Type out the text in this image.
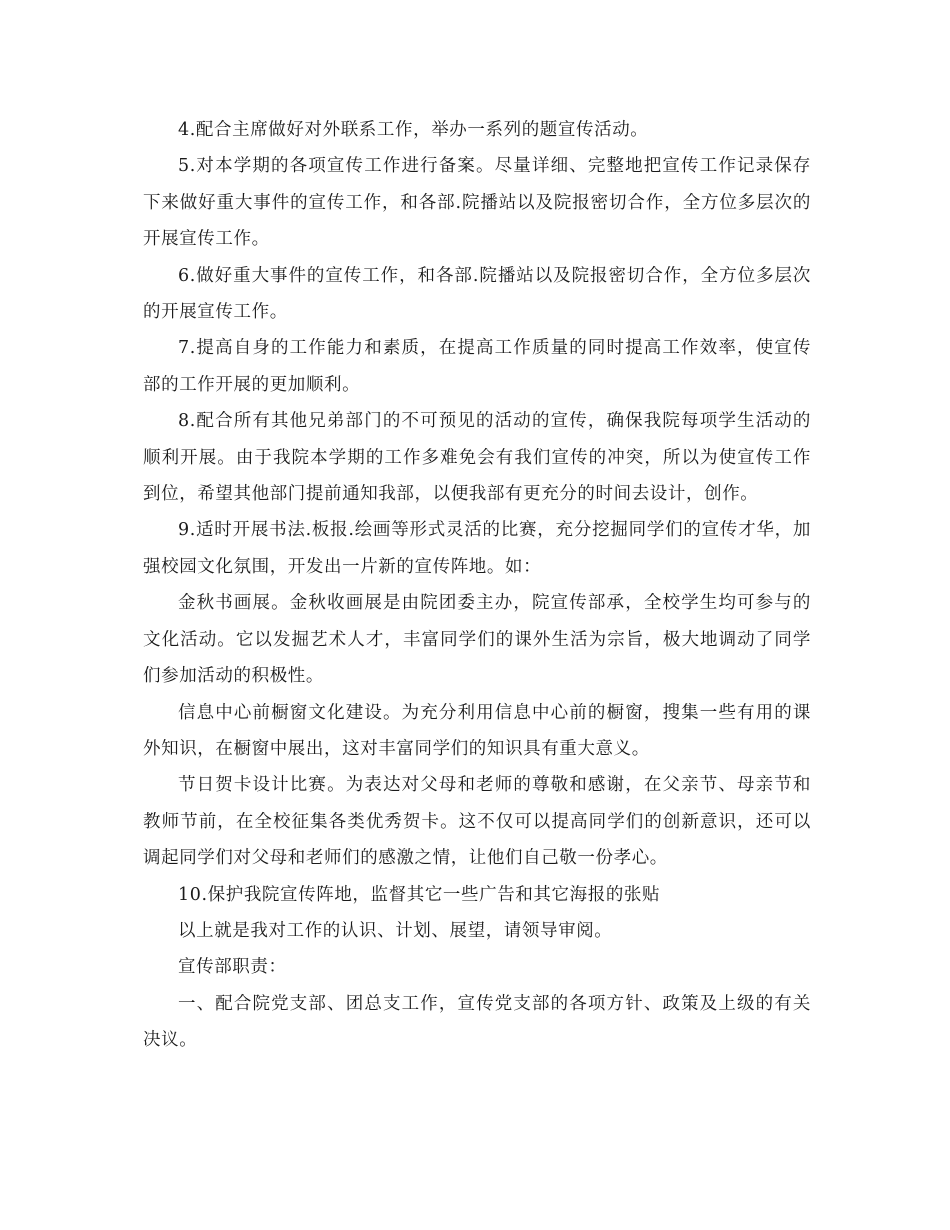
4.配合主席做好对外联系工作，举办一系列的题宣传活动。

5.对本学期的各项宣传工作进行备案。尽量详细、完整地把宣传工作记录保存下来做好重大事件的宣传工作，和各部.院播站以及院报密切合作，全方位多层次的开展宣传工作。

6.做好重大事件的宣传工作，和各部.院播站以及院报密切合作，全方位多层次的开展宣传工作。

7.提高自身的工作能力和素质，在提高工作质量的同时提高工作效率，使宣传部的工作开展的更加顺利。

8.配合所有其他兄弟部门的不可预见的活动的宣传，确保我院每项学生活动的顺利开展。由于我院本学期的工作多难免会有我们宣传的冲突，所以为使宣传工作到位，希望其他部门提前通知我部，以便我部有更充分的时间去设计，创作。

9.适时开展书法.板报.绘画等形式灵活的比赛，充分挖掘同学们的宣传才华，加强校园文化氛围，开发出一片新的宣传阵地。如：

金秋书画展。金秋收画展是由院团委主办，院宣传部承，全校学生均可参与的文化活动。它以发掘艺术人才，丰富同学们的课外生活为宗旨，极大地调动了同学们参加活动的积极性。

信息中心前橱窗文化建设。为充分利用信息中心前的橱窗，搜集一些有用的课外知识，在橱窗中展出，这对丰富同学们的知识具有重大意义。

节日贺卡设计比赛。为表达对父母和老师的尊敬和感谢，在父亲节、母亲节和教师节前，在全校征集各类优秀贺卡。这不仅可以提高同学们的创新意识，还可以调起同学们对父母和老师们的感激之情，让他们自己敬一份孝心。

10.保护我院宣传阵地，监督其它一些广告和其它海报的张贴

以上就是我对工作的认识、计划、展望，请领导审阅。

宣传部职责：

一、配合院党支部、团总支工作，宣传党支部的各项方针、政策及上级的有关决议。
